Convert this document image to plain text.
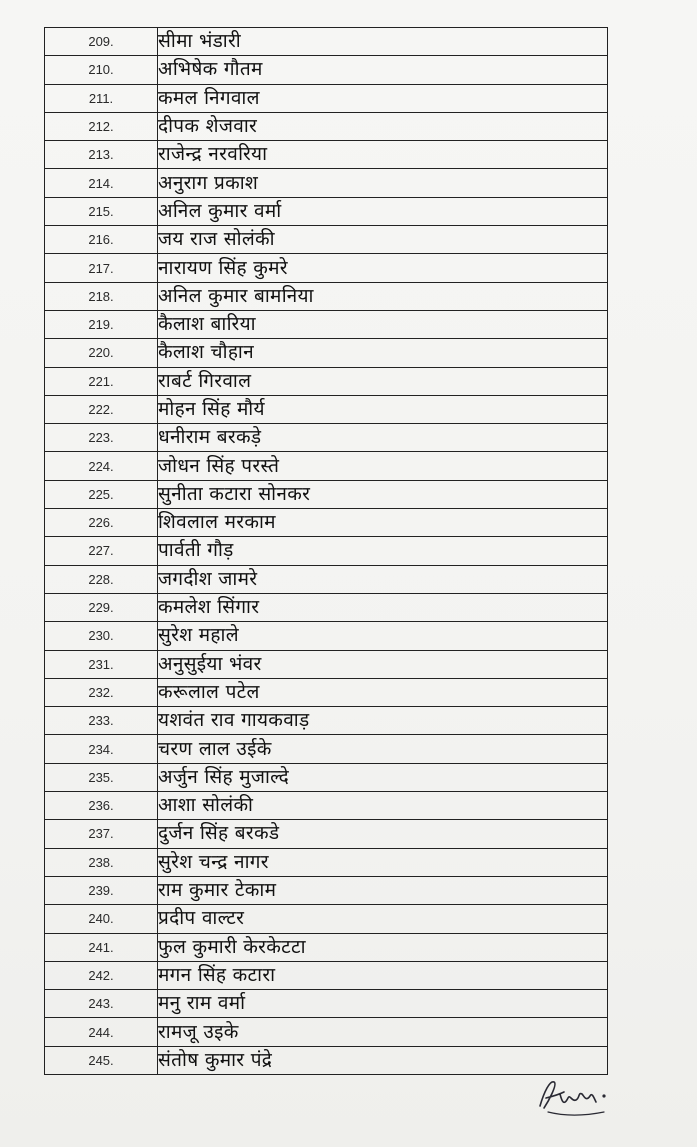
209.	सीमा भंडारी
210.	अभिषेक गौतम
211.	कमल निगवाल
212.	दीपक शेजवार
213.	राजेन्द्र नरवरिया
214.	अनुराग प्रकाश
215.	अनिल कुमार वर्मा
216.	जय राज सोलंकी
217.	नारायण सिंह कुमरे
218.	अनिल कुमार बामनिया
219.	कैलाश बारिया
220.	कैलाश चौहान
221.	राबर्ट गिरवाल
222.	मोहन सिंह मौर्य
223.	धनीराम बरकड़े
224.	जोधन सिंह परस्ते
225.	सुनीता कटारा सोनकर
226.	शिवलाल मरकाम
227.	पार्वती गौड़
228.	जगदीश जामरे
229.	कमलेश सिंगार
230.	सुरेश महाले
231.	अनुसुईया भंवर
232.	करूलाल पटेल
233.	यशवंत राव गायकवाड़
234.	चरण लाल उईके
235.	अर्जुन सिंह मुजाल्दे
236.	आशा सोलंकी
237.	दुर्जन सिंह बरकडे
238.	सुरेश चन्द्र नागर
239.	राम कुमार टेकाम
240.	प्रदीप वाल्टर
241.	फुल कुमारी केरकेटटा
242.	मगन सिंह कटारा
243.	मनु राम वर्मा
244.	रामजू उइके
245.	संतोष कुमार पंद्रे
